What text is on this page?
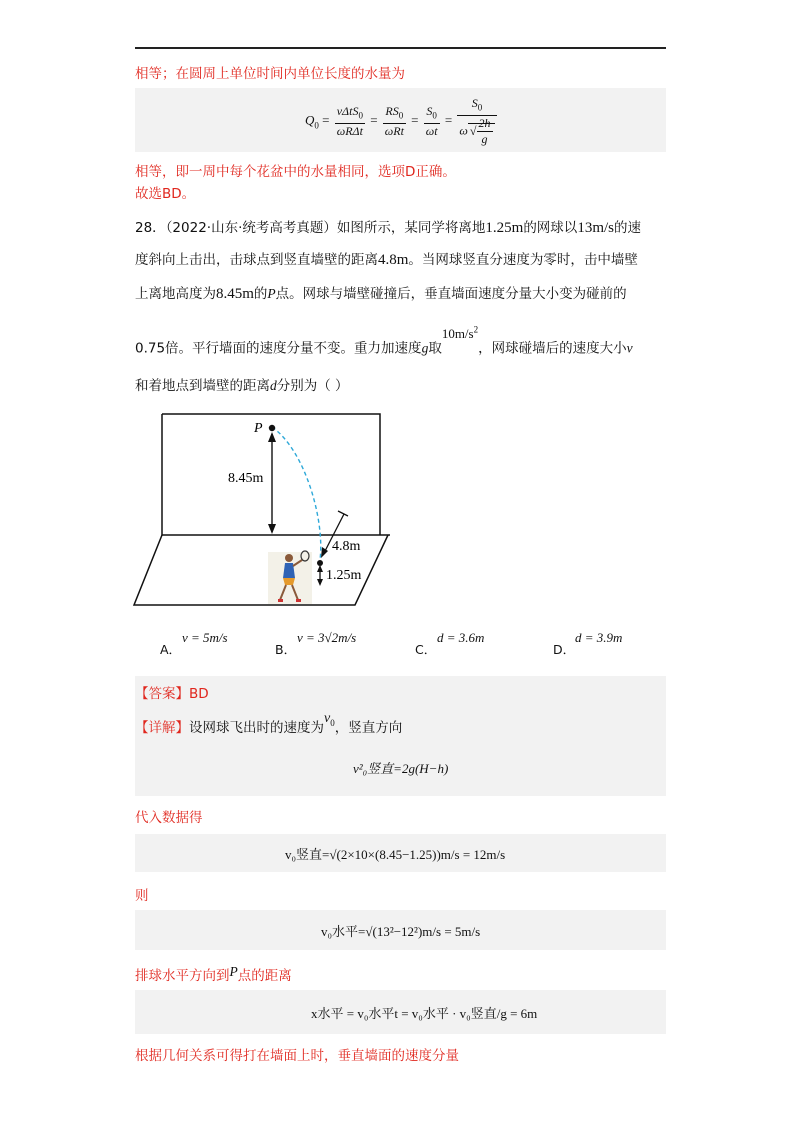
相等；在圆周上单位时间内单位长度的水量为
$Q_0 = \frac{v\Delta tS_0}{\text{ωRΔt}} = \frac{RS_0}{\text{ωRt}} = \frac{S_0}{\omega t} = \frac{S_0}{\omega √ \frac{2h}{g}}$
相等，即一周中每个花盆中的水量相同，选项D正确。
故选BD。
28．（2022·山东·统考高考真题）如图所示，某同学将离地1.25m的网球以13m/s的速
度斜向上击出，击球点到竖直墙壁的距离4.8m。当网球竖直分速度为零时，击中墙壁
上离地高度为8.45m的P点。网球与墙壁碰撞后，垂直墙面速度分量大小变为碰前的
0.75倍。平行墙面的速度分量不变。重力加速度g取$10m/s^2$，网球碰墙后的速度大小v
和着地点到墙壁的距离d分别为（ ）
P
8.45m
4.8m
1.25m
A．
v = 5m/s
B．
v = 3√2m/s
C．
d = 3.6m
D．
d = 3.9m
【答案】BD
【详解】设网球飞出时的速度为$v_0$，竖直方向
v²₀竖直=2g(H−h)
代入数据得
v₀竖直=√(2×10×(8.45−1.25))m/s = 12m/s
则
v₀水平=√(13²−12²)m/s = 5m/s
排球水平方向到P点的距离
x水平 = v₀水平t = v₀水平 · v₀竖直/g = 6m
根据几何关系可得打在墙面上时，垂直墙面的速度分量
